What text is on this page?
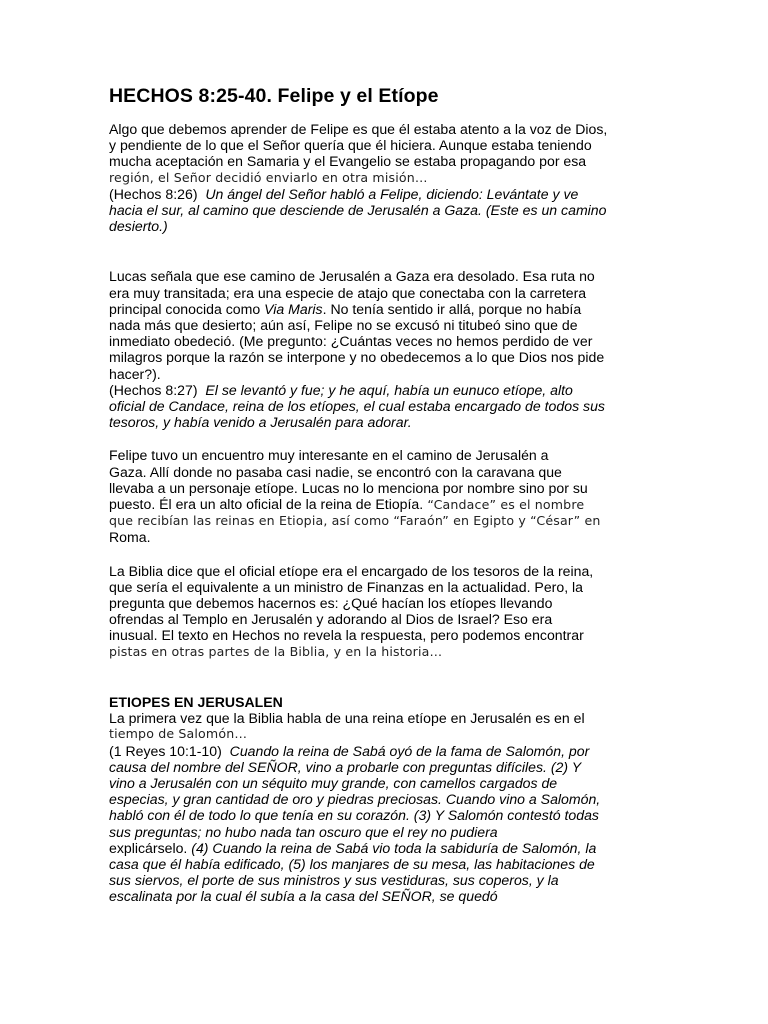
HECHOS 8:25-40. Felipe y el Etíope

Algo que debemos aprender de Felipe es que él estaba atento a la voz de Dios,

y pendiente de lo que el Señor quería que él hiciera. Aunque estaba teniendo

mucha aceptación en Samaria y el Evangelio se estaba propagando por esa

región, el Señor decidió enviarlo en otra misión…

(Hechos 8:26) Un ángel del Señor habló a Felipe, diciendo: Levántate y ve

hacia el sur, al camino que desciende de Jerusalén a Gaza. (Este es un camino

desierto.)

Lucas señala que ese camino de Jerusalén a Gaza era desolado. Esa ruta no

era muy transitada; era una especie de atajo que conectaba con la carretera

principal conocida como Via Maris. No tenía sentido ir allá, porque no había

nada más que desierto; aún así, Felipe no se excusó ni titubeó sino que de

inmediato obedeció. (Me pregunto: ¿Cuántas veces no hemos perdido de ver

milagros porque la razón se interpone y no obedecemos a lo que Dios nos pide

hacer?).

(Hechos 8:27) El se levantó y fue; y he aquí, había un eunuco etíope, alto

oficial de Candace, reina de los etíopes, el cual estaba encargado de todos sus

tesoros, y había venido a Jerusalén para adorar.

Felipe tuvo un encuentro muy interesante en el camino de Jerusalén a

Gaza. Allí donde no pasaba casi nadie, se encontró con la caravana que

llevaba a un personaje etíope. Lucas no lo menciona por nombre sino por su

puesto. Él era un alto oficial de la reina de Etiopía. “Candace” es el nombre

que recibían las reinas en Etiopia, así como “Faraón” en Egipto y “César” en

Roma.

La Biblia dice que el oficial etíope era el encargado de los tesoros de la reina,

que sería el equivalente a un ministro de Finanzas en la actualidad. Pero, la

pregunta que debemos hacernos es: ¿Qué hacían los etíopes llevando

ofrendas al Templo en Jerusalén y adorando al Dios de Israel? Eso era

inusual. El texto en Hechos no revela la respuesta, pero podemos encontrar

pistas en otras partes de la Biblia, y en la historia…

ETIOPES EN JERUSALEN

La primera vez que la Biblia habla de una reina etíope en Jerusalén es en el

tiempo de Salomón…

(1 Reyes 10:1-10) Cuando la reina de Sabá oyó de la fama de Salomón, por

causa del nombre del SEÑOR, vino a probarle con preguntas difíciles. (2) Y

vino a Jerusalén con un séquito muy grande, con camellos cargados de

especias, y gran cantidad de oro y piedras preciosas. Cuando vino a Salomón,

habló con él de todo lo que tenía en su corazón. (3) Y Salomón contestó todas

sus preguntas; no hubo nada tan oscuro que el rey no pudiera

explicárselo. (4) Cuando la reina de Sabá vio toda la sabiduría de Salomón, la

casa que él había edificado, (5) los manjares de su mesa, las habitaciones de

sus siervos, el porte de sus ministros y sus vestiduras, sus coperos, y la

escalinata por la cual él subía a la casa del SEÑOR, se quedó
